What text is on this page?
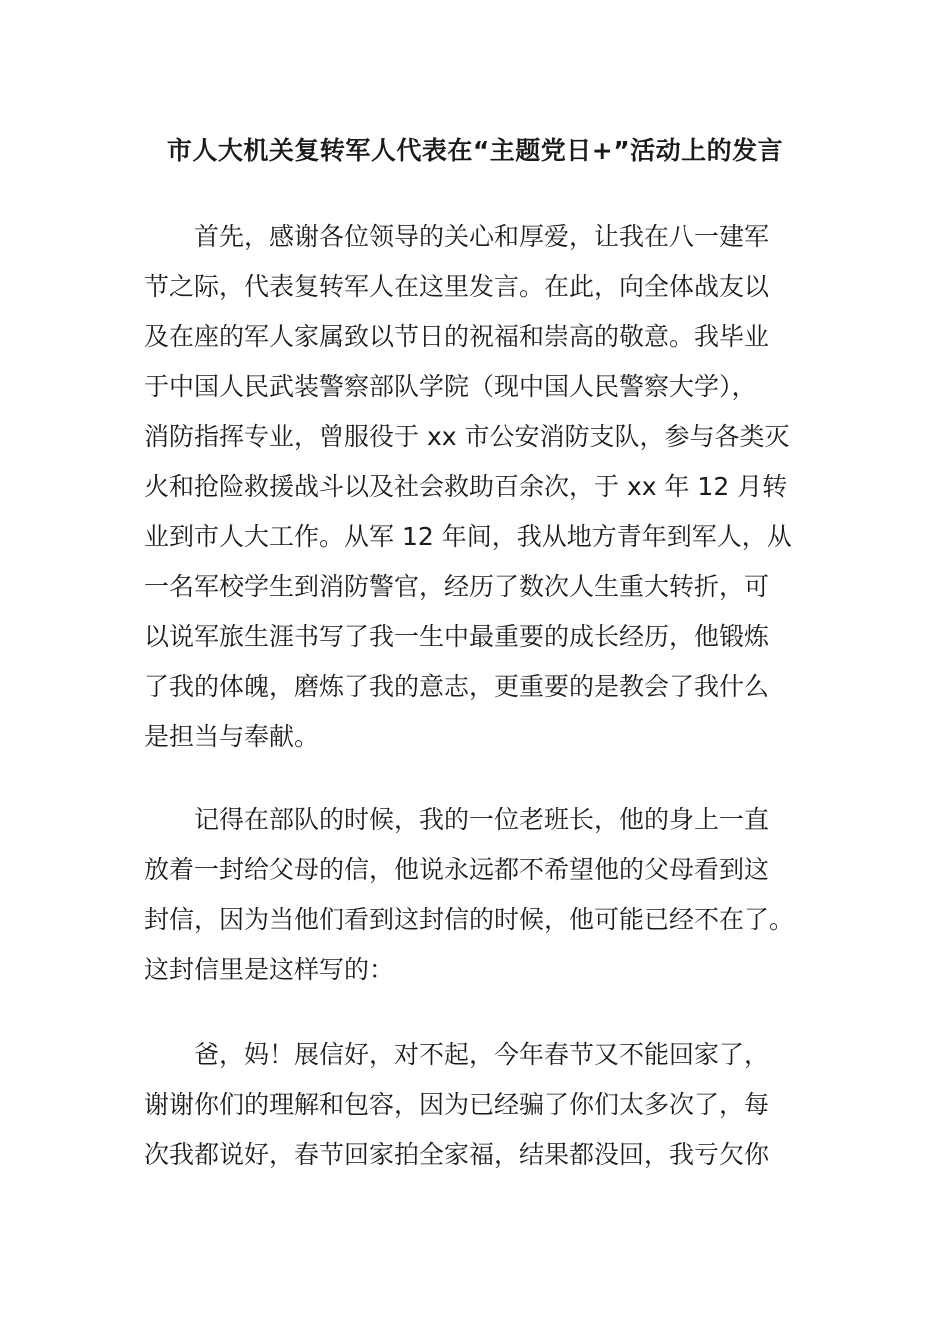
市人大机关复转军人代表在“主题党日+”活动上的发言
首先，感谢各位领导的关心和厚爱，让我在八一建军
节之际，代表复转军人在这里发言。在此，向全体战友以
及在座的军人家属致以节日的祝福和崇高的敬意。我毕业
于中国人民武装警察部队学院（现中国人民警察大学），
消防指挥专业，曾服役于 xx 市公安消防支队，参与各类灭
火和抢险救援战斗以及社会救助百余次，于 xx 年 12 月转
业到市人大工作。从军 12 年间，我从地方青年到军人，从
一名军校学生到消防警官，经历了数次人生重大转折，可
以说军旅生涯书写了我一生中最重要的成长经历，他锻炼
了我的体魄，磨炼了我的意志，更重要的是教会了我什么
是担当与奉献。
记得在部队的时候，我的一位老班长，他的身上一直
放着一封给父母的信，他说永远都不希望他的父母看到这
封信，因为当他们看到这封信的时候，他可能已经不在了。
这封信里是这样写的：
爸，妈！展信好，对不起，今年春节又不能回家了，
谢谢你们的理解和包容，因为已经骗了你们太多次了，每
次我都说好，春节回家拍全家福，结果都没回，我亏欠你
